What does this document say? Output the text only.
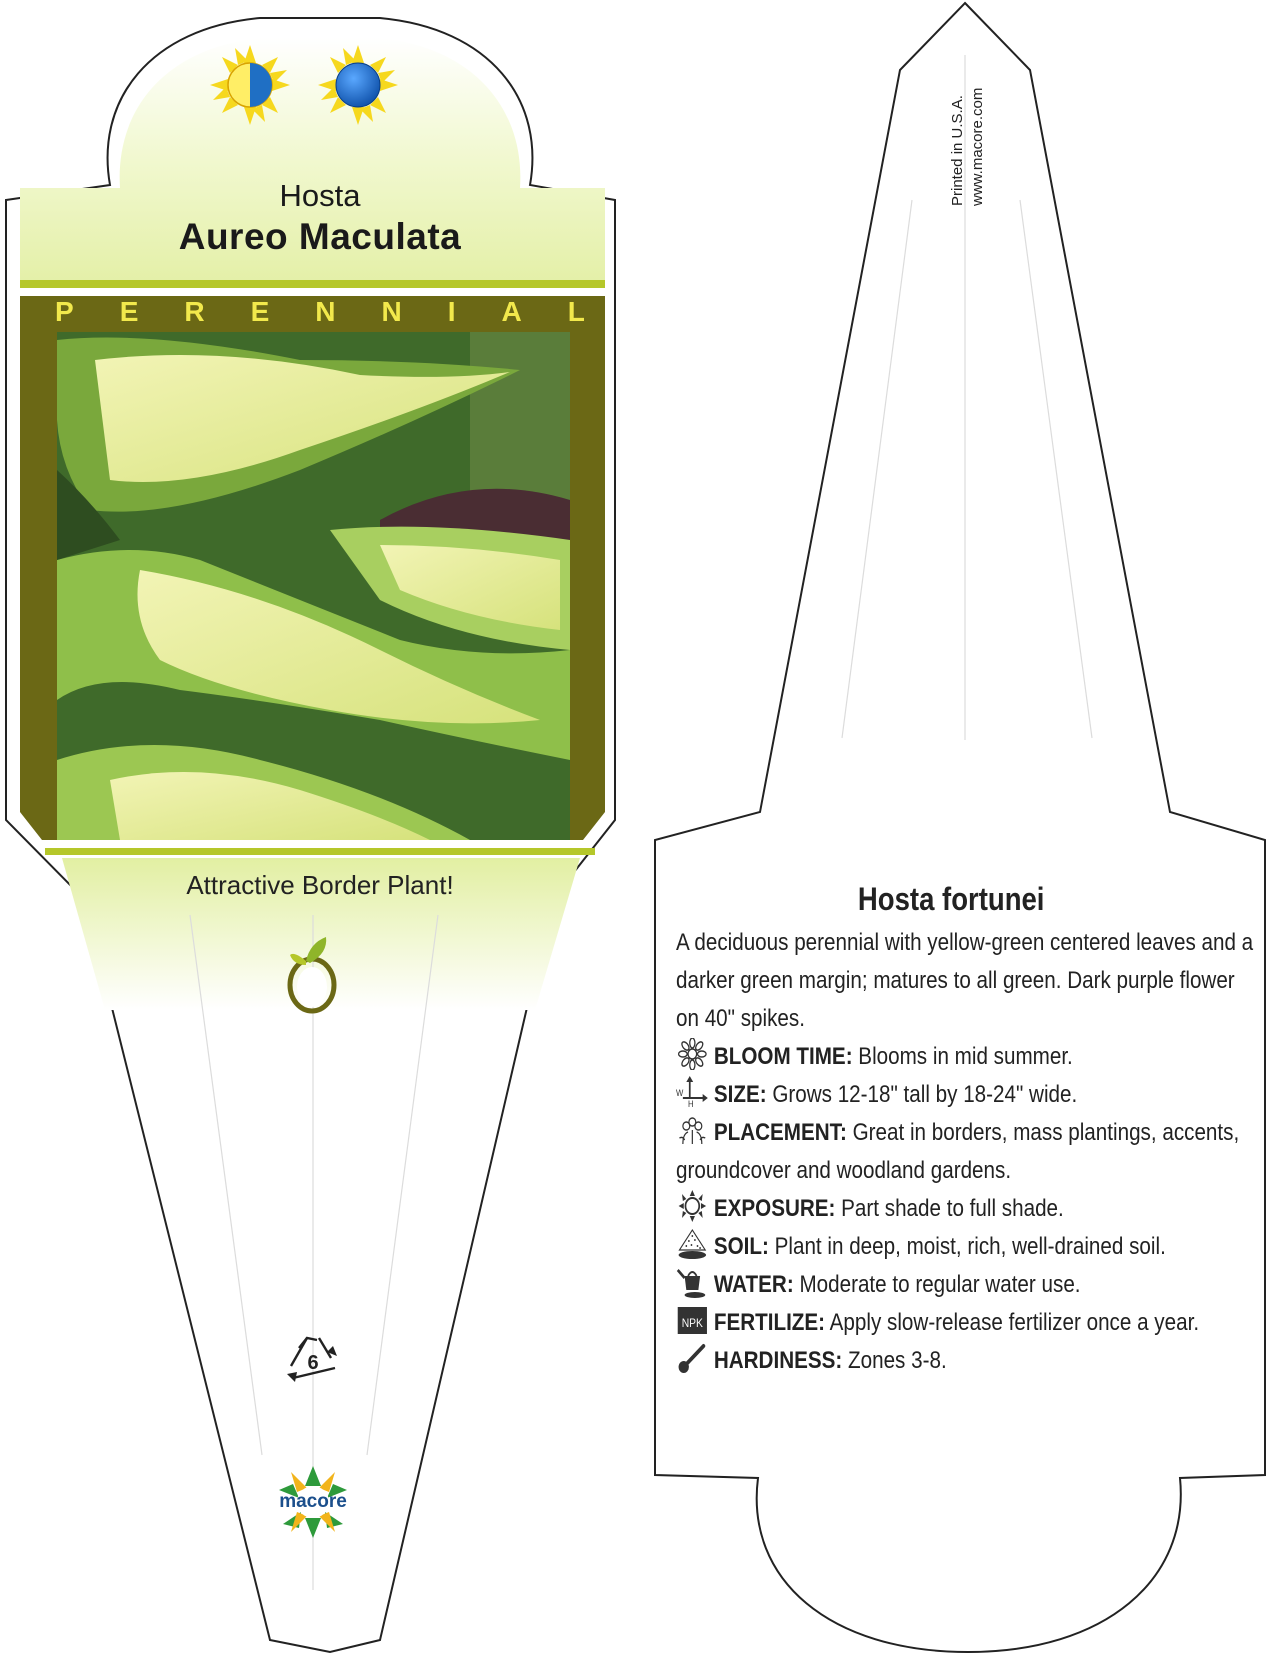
Hosta
Aureo Maculata
P E R E N N I A L
Attractive Border Plant!
6
macore
Printed in U.S.A. www.macore.com
Hosta fortunei
A deciduous perennial with yellow-green centered leaves and a darker green margin; matures to all green. Dark purple flower on 40" spikes.
BLOOM TIME: Blooms in mid summer.
W
H SIZE: Grows 12-18" tall by 18-24" wide.
PLACEMENT: Great in borders, mass plantings, accents, groundcover and woodland gardens.
EXPOSURE: Part shade to full shade.
SOIL: Plant in deep, moist, rich, well-drained soil.
WATER: Moderate to regular water use.
NPK FERTILIZE: Apply slow-release fertilizer once a year.
HARDINESS: Zones 3-8.
